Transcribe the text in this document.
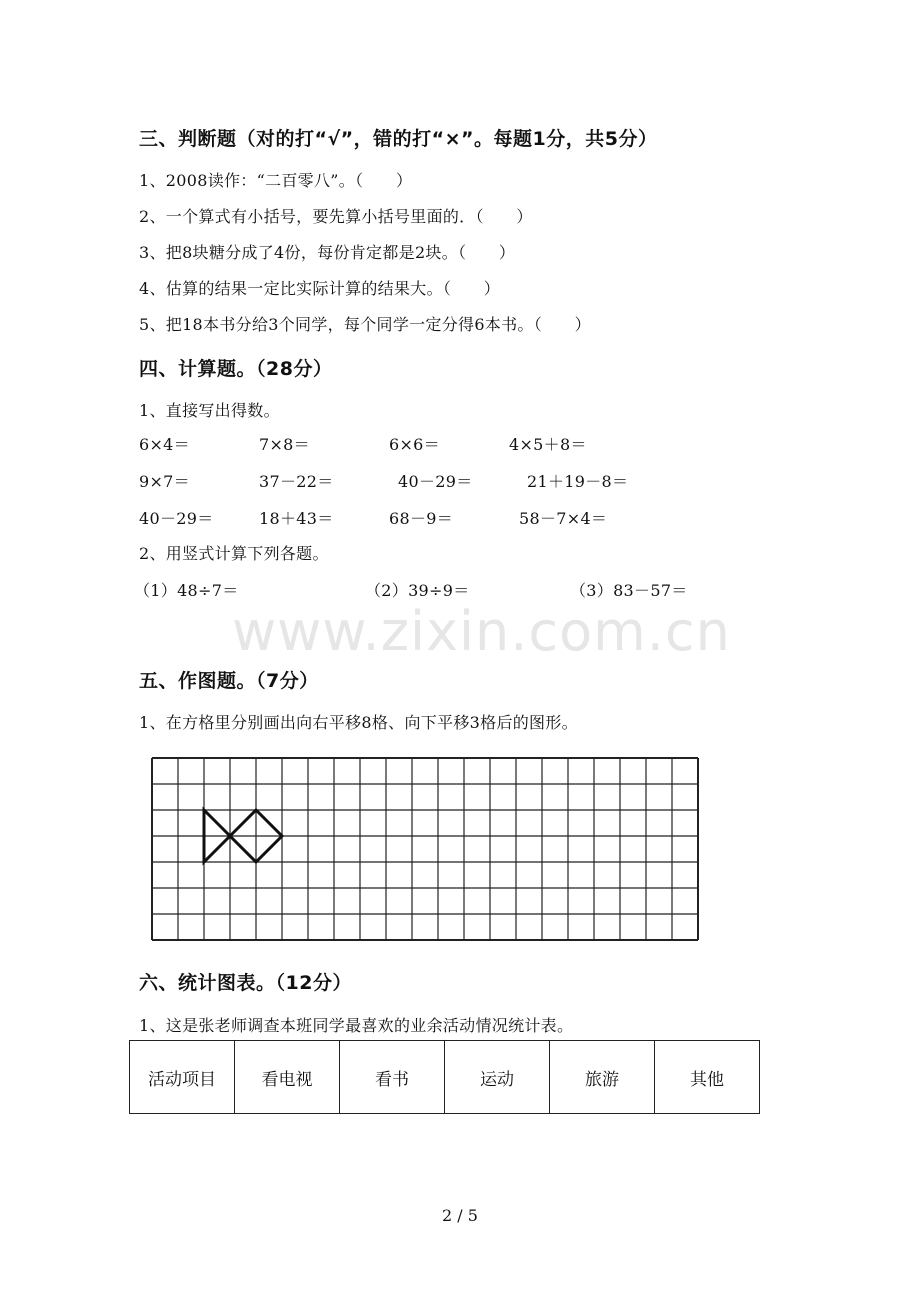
三、判断题（对的打“√”，错的打“×”。每题1分，共5分）
1、2008读作：“二百零八”。（　　）
2、一个算式有小括号，要先算小括号里面的．（　　）
3、把8块糖分成了4份，每份肯定都是2块。（　　）
4、估算的结果一定比实际计算的结果大。（　　）
5、把18本书分给3个同学，每个同学一定分得6本书。（　　）
四、计算题。（28分）
1、直接写出得数。
6×4＝	7×8＝	6×6＝	4×5＋8＝
9×7＝	37－22＝	40－29＝	21＋19－8＝
40－29＝	18＋43＝	68－9＝	58－7×4＝
2、用竖式计算下列各题。
（1）48÷7＝	（2）39÷9＝	（3）83－57＝
www.zixin.com.cn
五、作图题。（7分）
1、在方格里分别画出向右平移8格、向下平移3格后的图形。
六、统计图表。（12分）
1、这是张老师调查本班同学最喜欢的业余活动情况统计表。
活动项目	看电视	看书	运动	旅游	其他
2 / 5
